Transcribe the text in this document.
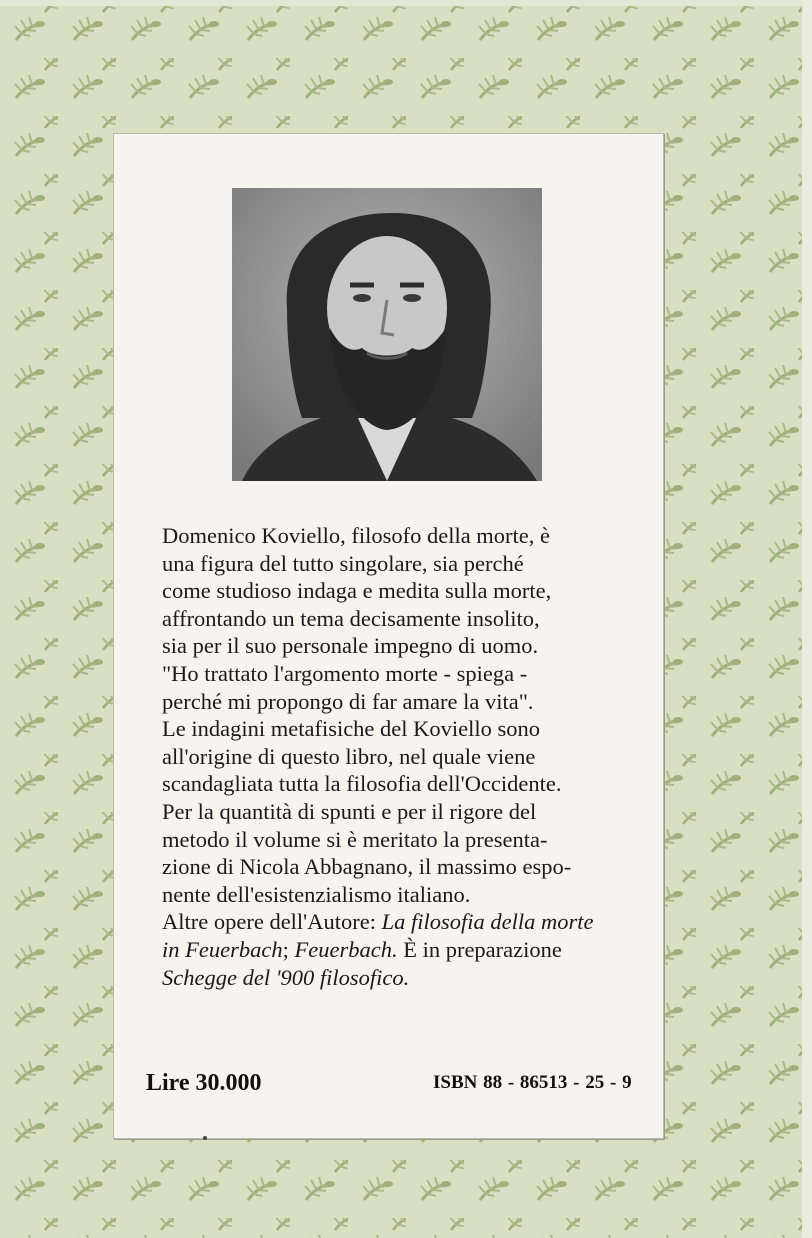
Domenico Koviello, filosofo della morte, è

una figura del tutto singolare, sia perché

come studioso indaga e medita sulla morte,

affrontando un tema decisamente insolito,

sia per il suo personale impegno di uomo.

"Ho trattato l'argomento morte - spiega -

perché mi propongo di far amare la vita".

Le indagini metafisiche del Koviello sono

all'origine di questo libro, nel quale viene

scandagliata tutta la filosofia dell'Occidente.

Per la quantità di spunti e per il rigore del

metodo il volume si è meritato la presenta-

zione di Nicola Abbagnano, il massimo espo-

nente dell'esistenzialismo italiano.

Altre opere dell'Autore: La filosofia della morte

in Feuerbach; Feuerbach. È in preparazione

Schegge del '900 filosofico.

Lire 30.000	ISBN 88 - 86513 - 25 - 9
